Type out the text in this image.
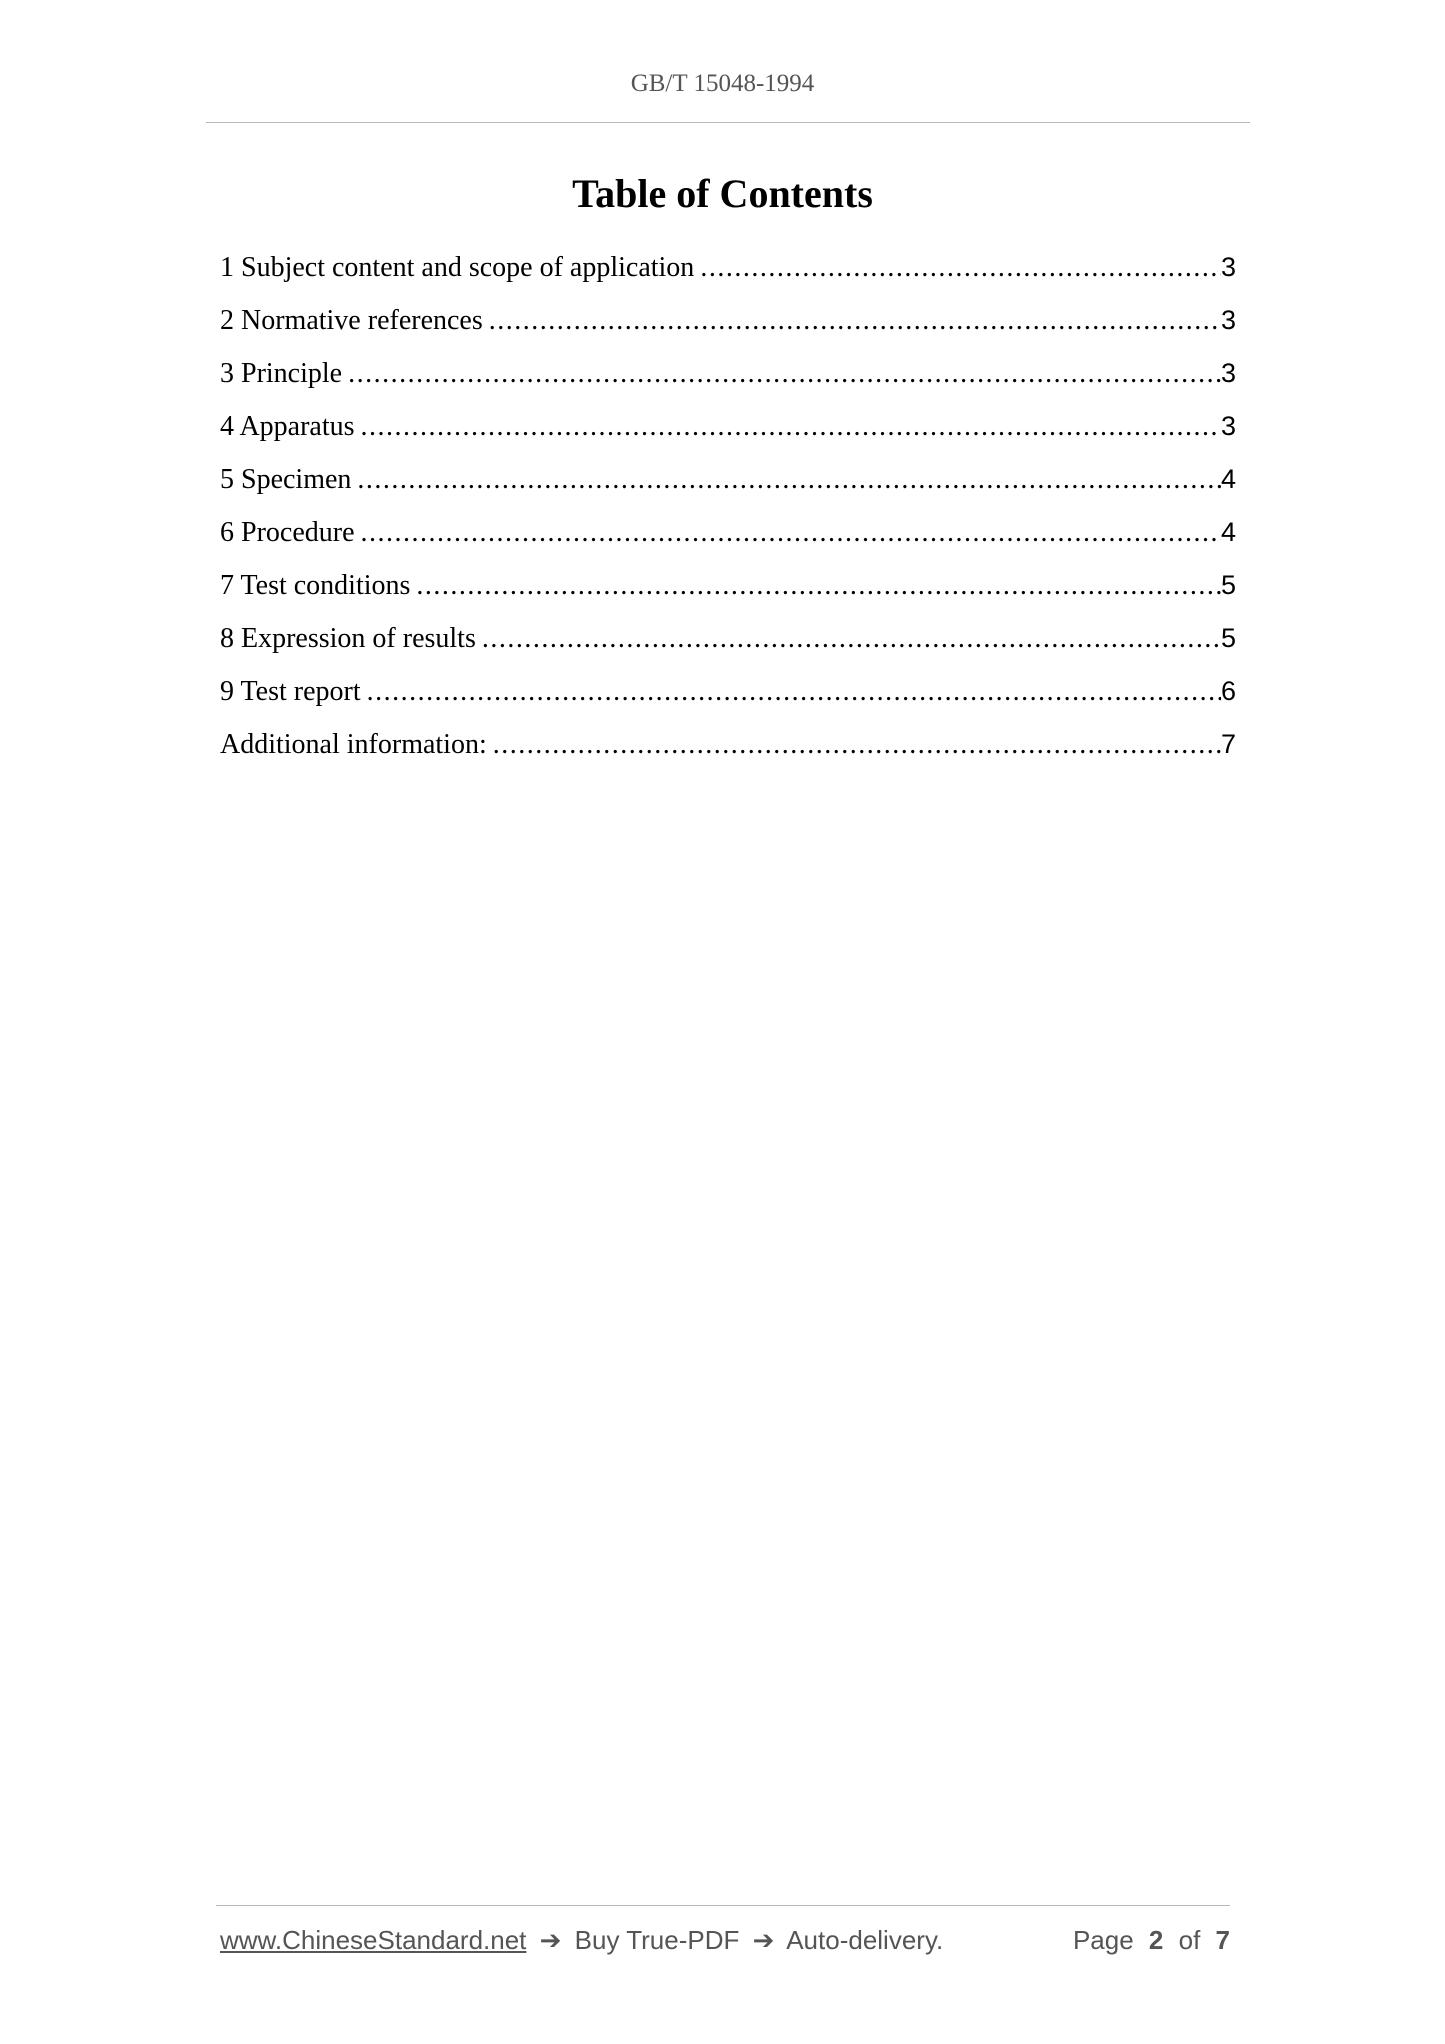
GB/T 15048-1994
Table of Contents
1 Subject content and scope of application .....	3
2 Normative references .....	3
3 Principle .....	3
4 Apparatus .....	3
5 Specimen .....	4
6 Procedure .....	4
7 Test conditions .....	5
8 Expression of results .....	5
9 Test report .....	6
Additional information: .....	7
www.ChineseStandard.net ➔ Buy True-PDF ➔ Auto-delivery.	Page 2 of 7
